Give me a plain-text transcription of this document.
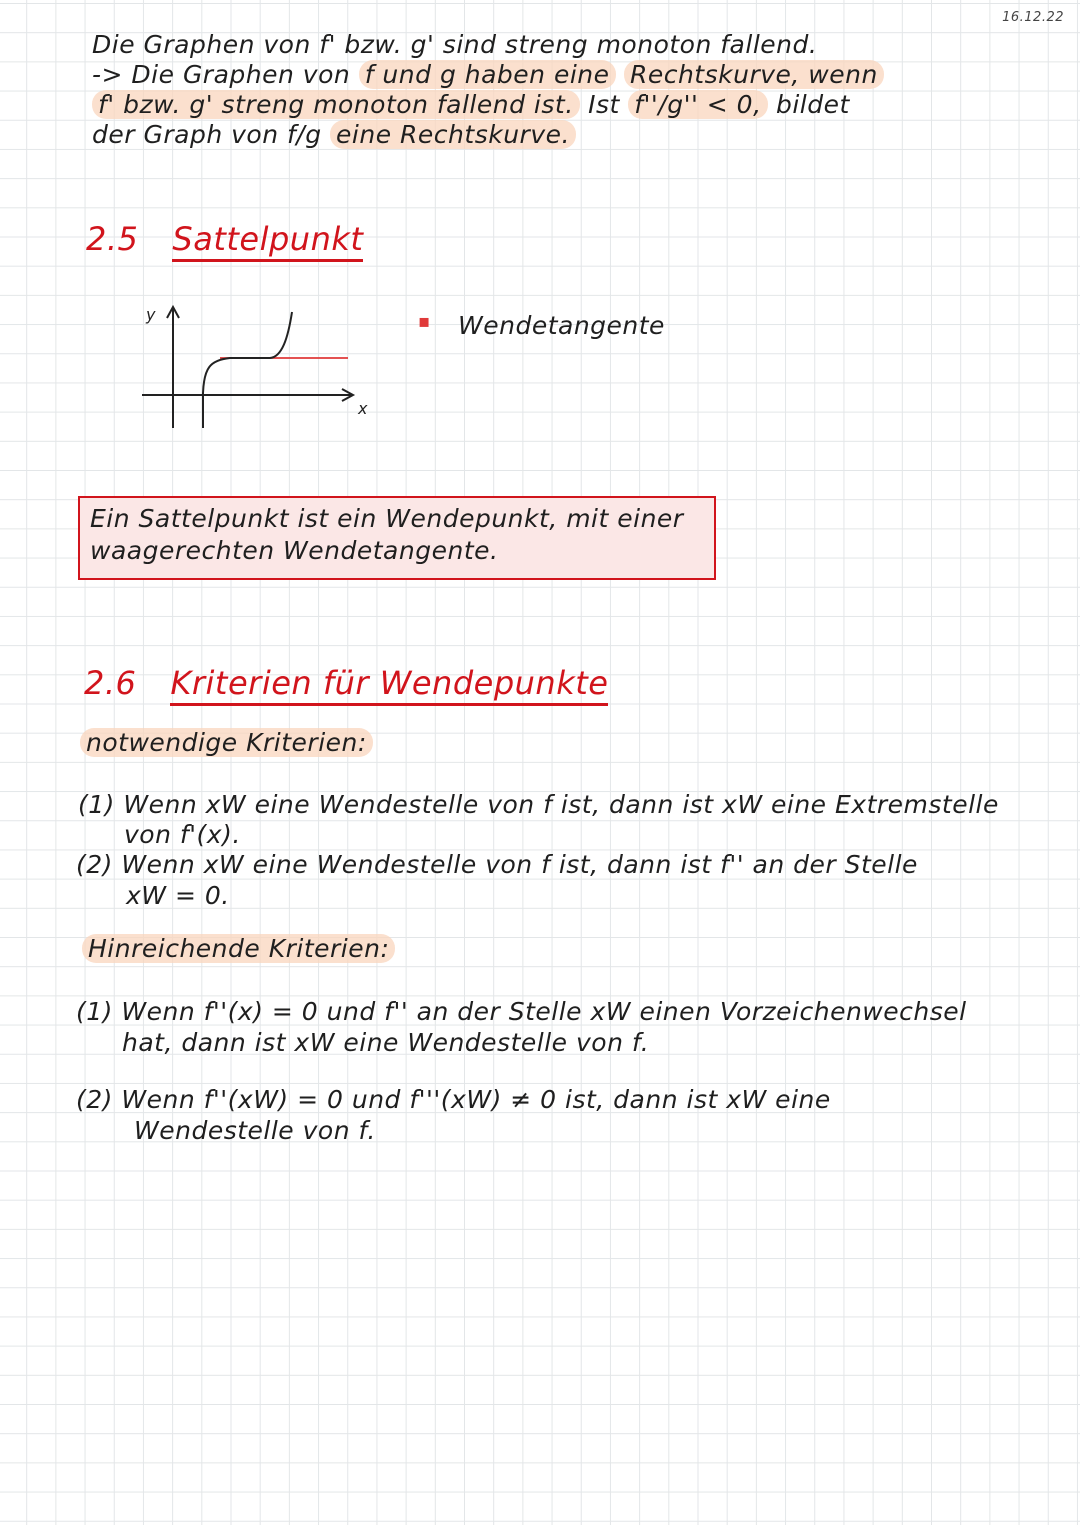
16.12.22
Die Graphen von f' bzw. g' sind streng monoton fallend.
-> Die Graphen von f und g haben eine Rechtskurve, wenn
f' bzw. g' streng monoton fallend ist. Ist f''/g'' < 0, bildet
der Graph von f/g eine Rechtskurve.
2.5 Sattelpunkt
y
x
▪ Wendetangente
Ein Sattelpunkt ist ein Wendepunkt, mit einer
waagerechten Wendetangente.
2.6 Kriterien für Wendepunkte
notwendige Kriterien:
(1) Wenn xW eine Wendestelle von f ist, dann ist xW eine Extremstelle
von f'(x).
(2) Wenn xW eine Wendestelle von f ist, dann ist f'' an der Stelle
xW = 0.
Hinreichende Kriterien:
(1) Wenn f''(x) = 0 und f'' an der Stelle xW einen Vorzeichenwechsel
hat, dann ist xW eine Wendestelle von f.
(2) Wenn f''(xW) = 0 und f'''(xW) ≠ 0 ist, dann ist xW eine
Wendestelle von f.
